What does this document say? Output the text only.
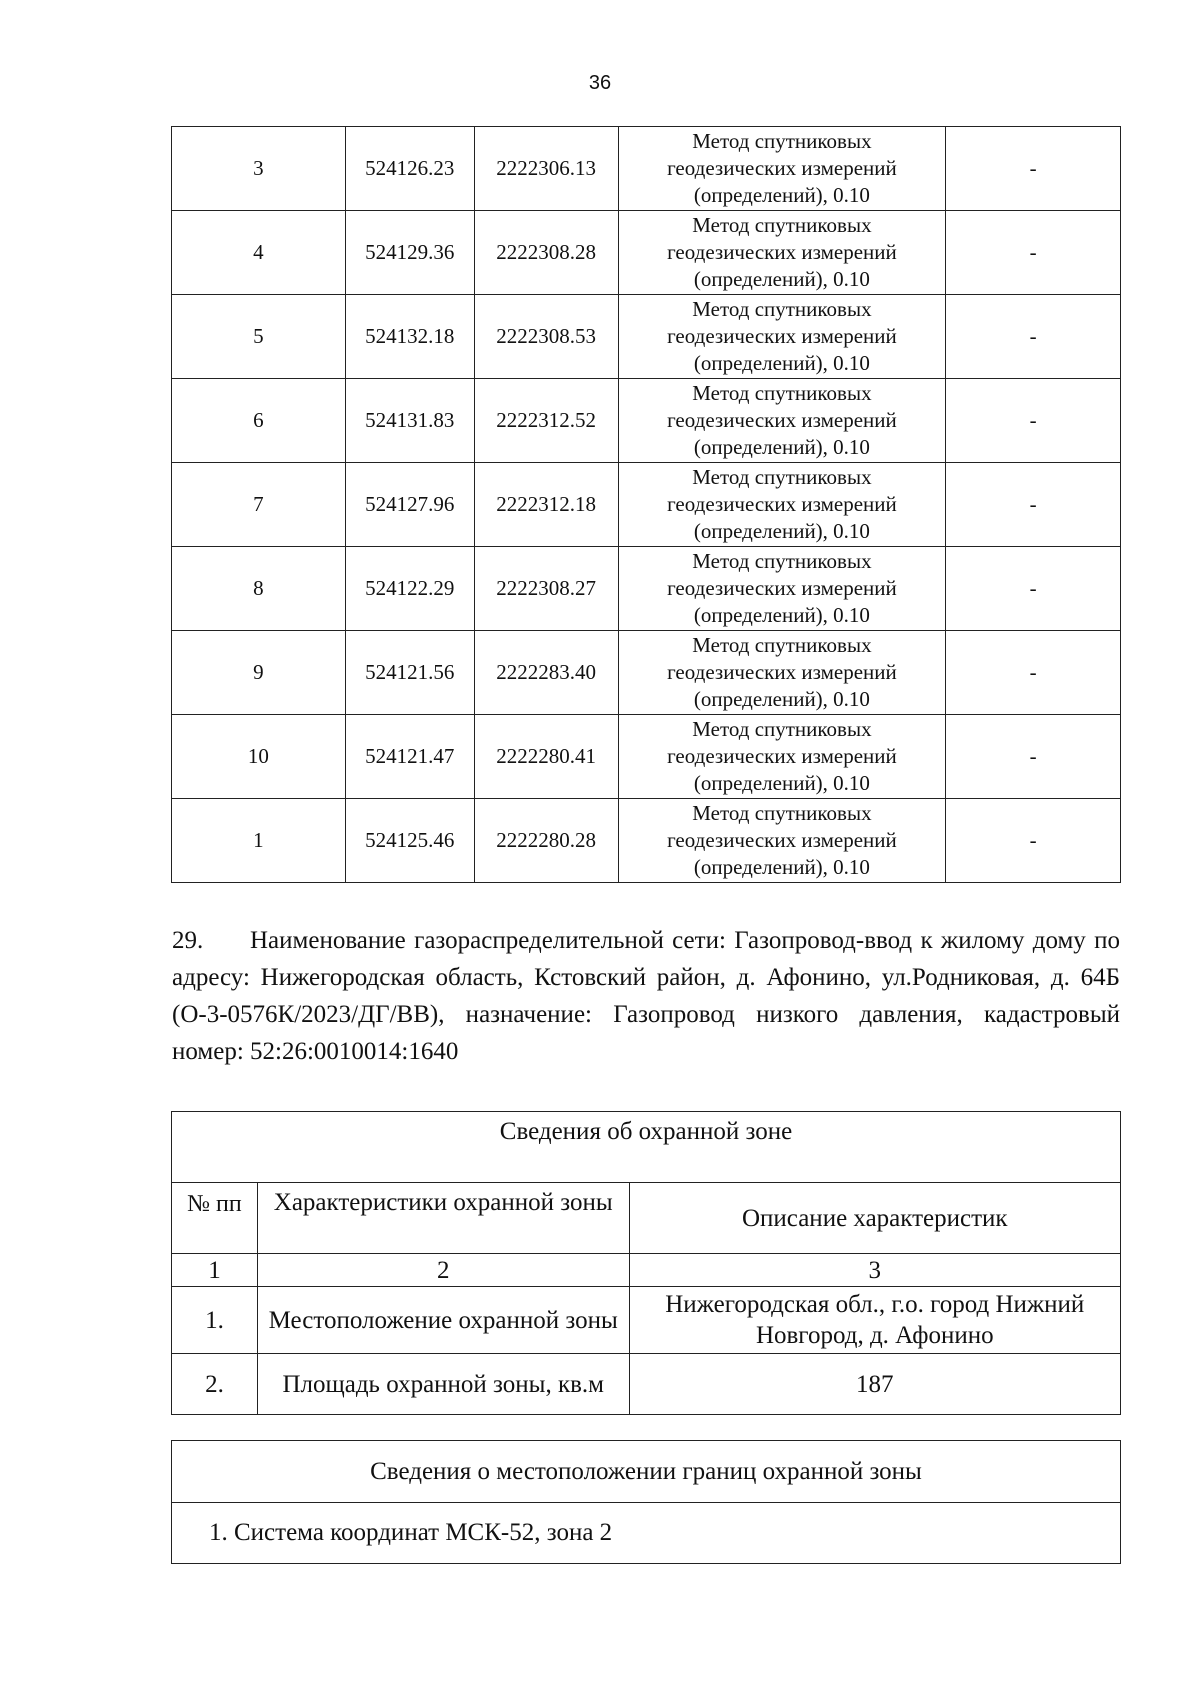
36
3	524126.23	2222306.13	Метод спутниковых
геодезических измерений
(определений), 0.10	-
4	524129.36	2222308.28	Метод спутниковых
геодезических измерений
(определений), 0.10	-
5	524132.18	2222308.53	Метод спутниковых
геодезических измерений
(определений), 0.10	-
6	524131.83	2222312.52	Метод спутниковых
геодезических измерений
(определений), 0.10	-
7	524127.96	2222312.18	Метод спутниковых
геодезических измерений
(определений), 0.10	-
8	524122.29	2222308.27	Метод спутниковых
геодезических измерений
(определений), 0.10	-
9	524121.56	2222283.40	Метод спутниковых
геодезических измерений
(определений), 0.10	-
10	524121.47	2222280.41	Метод спутниковых
геодезических измерений
(определений), 0.10	-
1	524125.46	2222280.28	Метод спутниковых
геодезических измерений
(определений), 0.10	-
29. Наименование газораспределительной сети: Газопровод-ввод к жилому дому по адресу: Нижегородская область, Кстовский район, д. Афонино, ул.Родниковая, д. 64Б (О-3-0576К/2023/ДГ/ВВ), назначение: Газопровод низкого давления, кадастровый номер: 52:26:0010014:1640
Сведения об охранной зоне		
№ пп	Характеристики охранной зоны	Описание характеристик
1	2	3
1.	Местоположение охранной зоны	Нижегородская обл., г.о. город Нижний Новгород, д. Афонино
2.	Площадь охранной зоны, кв.м	187
Сведения о местоположении границ охранной зоны
1. Система координат МСК-52, зона 2
